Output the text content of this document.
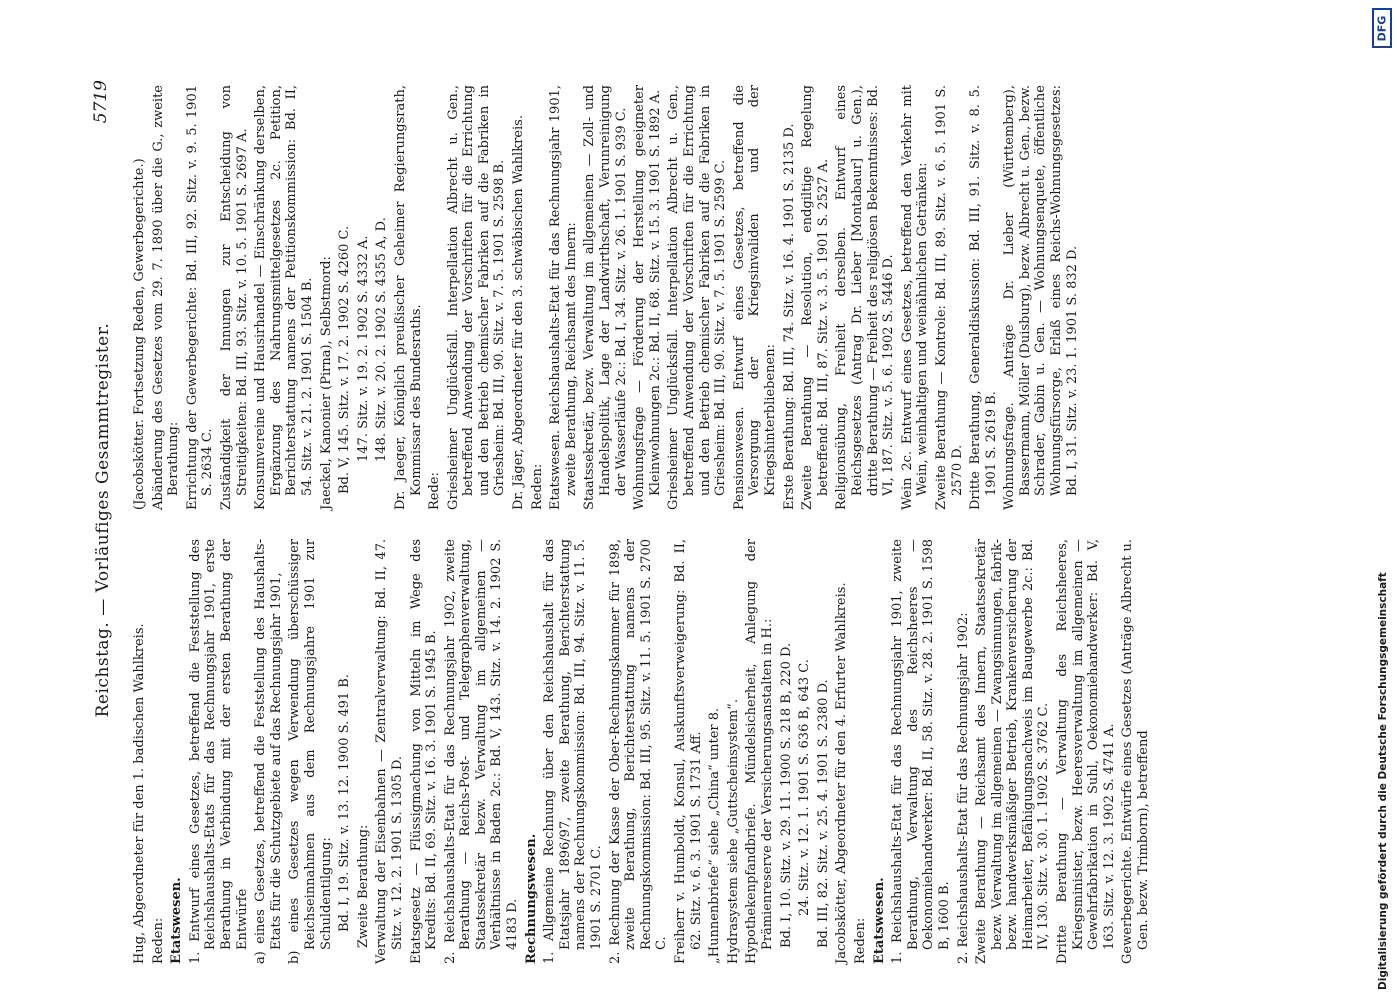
Reichstag. — Vorläufiges Gesammtregister.
5719
Hug, Abgeordneter für den 1. badischen Wahlkreis. Reden: Etatswesen. 1. Entwurf eines Gesetzes, betreffend die Feststellung des Reichshaushalts-Etats für das Rechnungsjahr 1901, erste Berathung in Verbindung mit der ersten Berathung der Entwürfe a) eines Gesetzes, betreffend die Feststellung des Haushalts-Etats für die Schutzgebiete auf das Rechnungsjahr 1901, b) eines Gesetzes wegen Verwendung überschüssiger Reichseinnahmen aus dem Rechnungsjahre 1901 zur Schuldentilgung: Bd. I, 19. Sitz. v. 13. 12. 1900 S. 491 B. Zweite Berathung: Verwaltung der Eisenbahnen — Zentralverwaltung: Bd. II, 47. Sitz. v. 12. 2. 1901 S. 1305 D. Etatsgesetz — Flüssigmachung von Mitteln im Wege des Kredits: Bd. II, 69. Sitz. v. 16. 3. 1901 S. 1945 B. 2. Reichshaushalts-Etat für das Rechnungsjahr 1902, zweite Berathung — Reichs-Post- und Telegraphenverwaltung, Staatssekretär bezw. Verwaltung im allgemeinen — Verhältnisse in Baden 2c.: Bd. V, 143. Sitz. v. 14. 2. 1902 S. 4183 D. Rechnungswesen. 1. Allgemeine Rechnung über den Reichshaushalt für das Etatsjahr 1896/97, zweite Berathung, Berichterstattung namens der Rechnungskommission: Bd. III, 94. Sitz. v. 11. 5. 1901 S. 2701 C. 2. Rechnung der Kasse der Ober-Rechnungskammer für 1898, zweite Berathung, Berichterstattung namens der Rechnungskommission: Bd. III, 95. Sitz. v. 11. 5. 1901 S. 2700 C. Freiherr v. Humboldt, Konsul, Auskunftsverweigerung: Bd. II, 62. Sitz. v. 6. 3. 1901 S. 1731 Aff. „Hunnenbriefe“ siehe „China“ unter 8. Hydrasystem siehe „Guttscheinsystem“. Hypothekenpfandbriefe. Mündelsicherheit, Anlegung der Prämienreserve der Versicherungsanstalten in H.: Bd. I, 10. Sitz. v. 29. 11. 1900 S. 218 B, 220 D. 24. Sitz. v. 12. 1. 1901 S. 636 B, 643 C. Bd. III, 82. Sitz. v. 25. 4. 1901 S. 2380 D. Jacobskötter, Abgeordneter für den 4. Erfurter Wahlkreis. Reden: Etatswesen. 1. Reichshaushalts-Etat für das Rechnungsjahr 1901, zweite Berathung, Verwaltung des Reichsheeres — Oekonomiehandwerker: Bd. II, 58. Sitz. v. 28. 2. 1901 S. 1598 B, 1600 B. 2. Reichshaushalts-Etat für das Rechnungsjahr 1902: Zweite Berathung — Reichsamt des Innern, Staatssekretär bezw. Verwaltung im allgemeinen — Zwangsinnungen, fabrik- bezw. handwerksmäßiger Betrieb, Krankenversicherung der Heimarbeiter, Befähigungsnachweis im Baugewerbe 2c.: Bd. IV, 130. Sitz. v. 30. 1. 1902 S. 3762 C. Dritte Berathung — Verwaltung des Reichsheeres, Kriegsminister, bezw. Heeresverwaltung im allgemeinen — Gewehrfabrikation in Suhl, Oekonomiehandwerker: Bd. V, 163. Sitz. v. 12. 3. 1902 S. 4741 A. Gewerbegerichte. Entwürfe eines Gesetzes (Anträge Albrecht u. Gen. bezw. Trimborn), betreffend
(Jacobskötter. Fortsetzung Reden, Gewerbegerichte.) Abänderung des Gesetzes vom 29. 7. 1890 über die G., zweite Berathung: Errichtung der Gewerbegerichte: Bd. III, 92. Sitz. v. 9. 5. 1901 S. 2634 C. Zuständigkeit der Innungen zur Entscheidung von Streitigkeiten: Bd. III, 93. Sitz. v. 10. 5. 1901 S. 2697 A. Konsumvereine und Hausirhandel — Einschränkung derselben, Ergänzung des Nahrungsmittelgesetzes 2c. Petition, Berichterstattung namens der Petitionskommission: Bd. II, 54. Sitz. v. 21. 2. 1901 S. 1504 B. Jaeckel, Kanonier (Pirna), Selbstmord: Bd. V, 145. Sitz. v. 17. 2. 1902 S. 4260 C. 147. Sitz. v. 19. 2. 1902 S. 4332 A. 148. Sitz. v. 20. 2. 1902 S. 4355 A, D. Dr. Jaeger, Königlich preußischer Geheimer Regierungsrath, Kommissar des Bundesraths. Rede: Griesheimer Unglücksfall. Interpellation Albrecht u. Gen., betreffend Anwendung der Vorschriften für die Errichtung und den Betrieb chemischer Fabriken auf die Fabriken in Griesheim: Bd. III, 90. Sitz. v. 7. 5. 1901 S. 2598 B. Dr. Jäger, Abgeordneter für den 3. schwäbischen Wahlkreis. Reden: Etatswesen. Reichshaushalts-Etat für das Rechnungsjahr 1901, zweite Berathung, Reichsamt des Innern: Staatssekretär, bezw. Verwaltung im allgemeinen — Zoll- und Handelspolitik, Lage der Landwirthschaft, Verunreinigung der Wasserläufe 2c.: Bd. I, 34. Sitz. v. 26. 1. 1901 S. 939 C. Wohnungsfrage — Förderung der Herstellung geeigneter Kleinwohnungen 2c.: Bd. II, 68. Sitz. v. 15. 3. 1901 S. 1892 A. Griesheimer Unglücksfall. Interpellation Albrecht u. Gen., betreffend Anwendung der Vorschriften für die Errichtung und den Betrieb chemischer Fabriken auf die Fabriken in Griesheim: Bd. III, 90. Sitz. v. 7. 5. 1901 S. 2599 C. Pensionswesen. Entwurf eines Gesetzes, betreffend die Versorgung der Kriegsinvaliden und der Kriegshinterbliebenen: Erste Berathung: Bd. III, 74. Sitz. v. 16. 4. 1901 S. 2135 D. Zweite Berathung — Resolution, endgiltige Regelung betreffend: Bd. III, 87. Sitz. v. 3. 5. 1901 S. 2527 A. Religionsübung, Freiheit derselben. Entwurf eines Reichsgesetzes (Antrag Dr. Lieber [Montabaur] u. Gen.), dritte Berathung — Freiheit des religiösen Bekenntnisses: Bd. VI, 187. Sitz. v. 5. 6. 1902 S. 5446 D. Wein 2c. Entwurf eines Gesetzes, betreffend den Verkehr mit Wein, weinhaltigen und weinähnlichen Getränken: Zweite Berathung — Kontrole: Bd. III, 89. Sitz. v. 6. 5. 1901 S. 2570 D. Dritte Berathung, Generaldiskussion: Bd. III, 91. Sitz. v. 8. 5. 1901 S. 2619 B. Wohnungsfrage. Anträge Dr. Lieber (Württemberg), Bassermann, Möller (Duisburg), bezw. Albrecht u. Gen., bezw. Schrader, Gabin u. Gen. — Wohnungsenquete, öffentliche Wohnungsfürsorge, Erlaß eines Reichs-Wohnungsgesetzes: Bd. I, 31. Sitz. v. 23. 1. 1901 S. 832 D.
Digitalisierung gefördert durch die Deutsche Forschungsgemeinschaft
DFG
